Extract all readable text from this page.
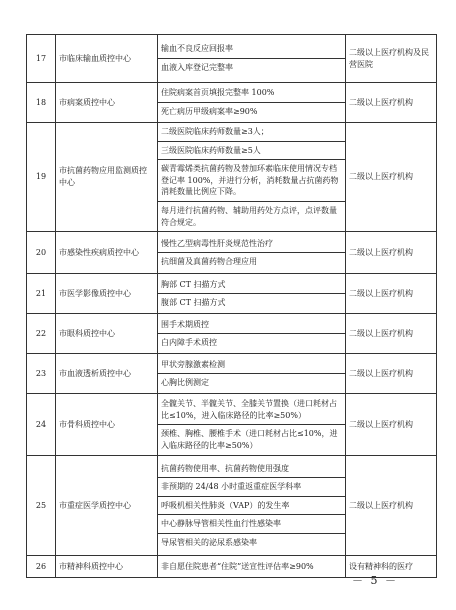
17	市临床输血质控中心	输血不良反应回报率
血液入库登记完整率	二级以上医疗机构及民营医院
18	市病案质控中心	住院病案首页填报完整率 100%
死亡病历甲级病案率≥90%	二级以上医疗机构
19	市抗菌药物应用监测质控中心	二级医院临床药师数量≥3人；
三级医院临床药师数量≥5人
碳青霉烯类抗菌药物及替加环素临床使用情况专档登记率 100%，并进行分析，消耗数量占抗菌药物消耗数量比例应下降。
每月进行抗菌药物、辅助用药处方点评，点评数量符合规定。	二级以上医疗机构
20	市感染性疾病质控中心	慢性乙型病毒性肝炎规范性治疗
抗细菌及真菌药物合理应用	二级以上医疗机构
21	市医学影像质控中心	胸部 CT 扫描方式
腹部 CT 扫描方式	二级以上医疗机构
22	市眼科质控中心	围手术期质控
白内障手术质控	二级以上医疗机构
23	市血液透析质控中心	甲状旁腺激素检测
心胸比例测定	二级以上医疗机构
24	市骨科质控中心	全髋关节、半髋关节、全膝关节置换（进口耗材占比≤10%，进入临床路径的比率≥50%）
颈椎、胸椎、腰椎手术（进口耗材占比≤10%，进入临床路径的比率≥50%）	二级以上医疗机构
25	市重症医学质控中心	抗菌药物使用率、抗菌药物使用强度
非预期的 24/48 小时重返重症医学科率
呼吸机相关性肺炎（VAP）的发生率
中心静脉导管相关性血行性感染率
导尿管相关的泌尿系感染率	二级以上医疗机构
26	市精神科质控中心	非自愿住院患者“住院”送宣性评估率≥90%	设有精神科的医疗
－ 5 －
